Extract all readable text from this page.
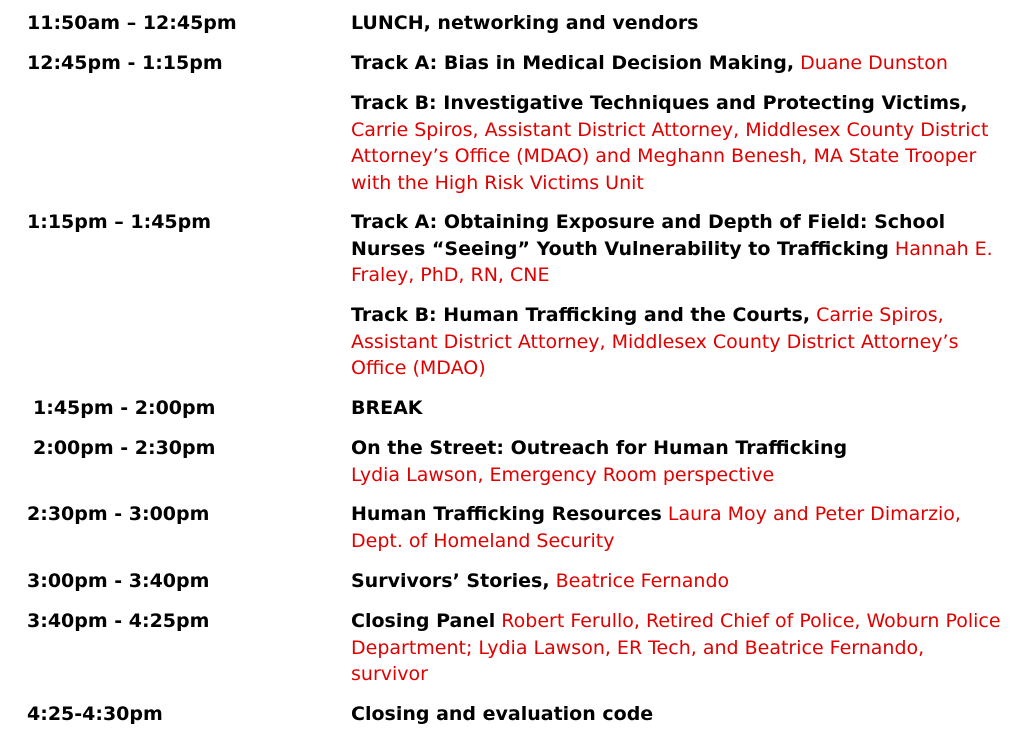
11:50am – 12:45pm	LUNCH, networking and vendors
12:45pm - 1:15pm	Track A: Bias in Medical Decision Making, Duane Dunston
Track B: Investigative Techniques and Protecting Victims, Carrie Spiros, Assistant District Attorney, Middlesex County District Attorney’s Office (MDAO) and Meghann Benesh, MA State Trooper with the High Risk Victims Unit
1:15pm – 1:45pm	Track A: Obtaining Exposure and Depth of Field: School Nurses “Seeing” Youth Vulnerability to Trafficking Hannah E. Fraley, PhD, RN, CNE
Track B: Human Trafficking and the Courts, Carrie Spiros, Assistant District Attorney, Middlesex County District Attorney’s Office (MDAO)
1:45pm - 2:00pm	BREAK
2:00pm - 2:30pm	On the Street: Outreach for Human Trafficking
Lydia Lawson, Emergency Room perspective
2:30pm - 3:00pm	Human Trafficking Resources Laura Moy and Peter Dimarzio, Dept. of Homeland Security
3:00pm - 3:40pm	Survivors’ Stories, Beatrice Fernando
3:40pm - 4:25pm	Closing Panel Robert Ferullo, Retired Chief of Police, Woburn Police Department; Lydia Lawson, ER Tech, and Beatrice Fernando, survivor
4:25-4:30pm	Closing and evaluation code
